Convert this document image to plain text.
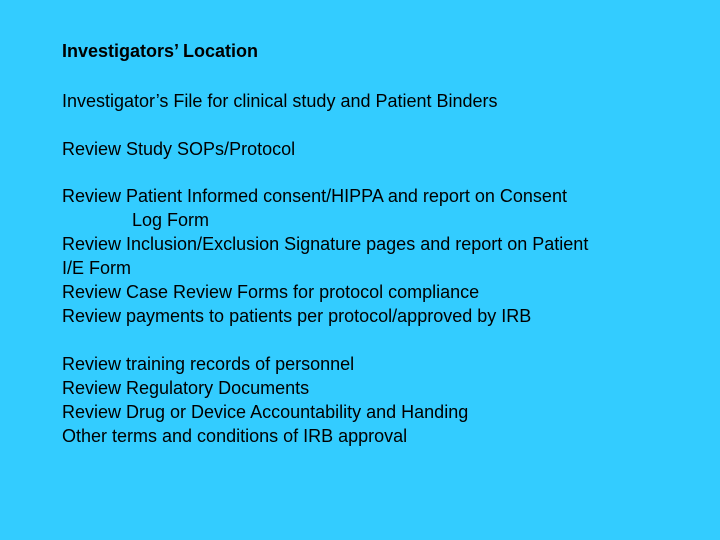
Investigators’ Location
Investigator’s File for clinical study and Patient Binders
Review Study SOPs/Protocol
Review Patient Informed consent/HIPPA and report on Consent
Log Form
Review Inclusion/Exclusion Signature pages and report on Patient
I/E Form
Review Case Review Forms for protocol compliance
Review payments to patients per protocol/approved by IRB
Review training records of personnel
Review Regulatory Documents
Review Drug or Device Accountability and Handing
Other terms and conditions of IRB approval
